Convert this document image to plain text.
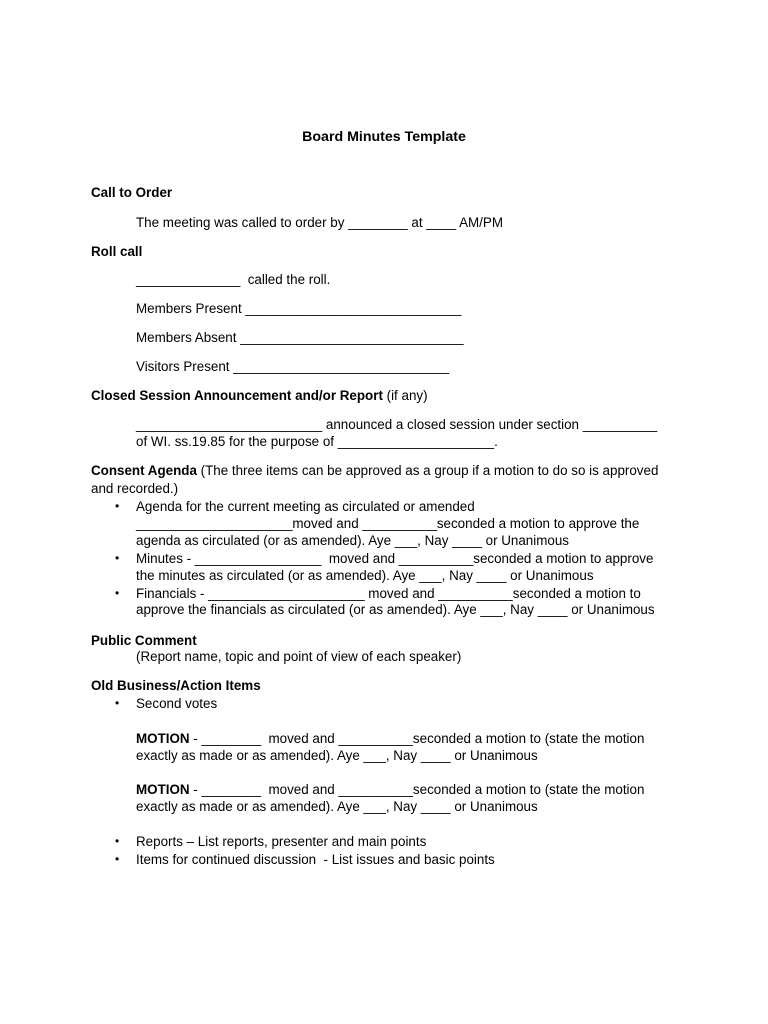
Board Minutes Template
Call to Order
The meeting was called to order by ________ at ____ AM/PM
Roll call
______________  called the roll.
Members Present _____________________________
Members Absent ______________________________
Visitors Present _____________________________
Closed Session Announcement and/or Report (if any)
_________________________ announced a closed session under section __________
of WI. ss.19.85 for the purpose of _____________________.
Consent Agenda (The three items can be approved as a group if a motion to do so is approved
and recorded.)
• Agenda for the current meeting as circulated or amended
_____________________moved and __________seconded a motion to approve the
agenda as circulated (or as amended). Aye ___, Nay ____ or Unanimous
• Minutes - _________________  moved and __________seconded a motion to approve
the minutes as circulated (or as amended). Aye ___, Nay ____ or Unanimous
• Financials - _____________________ moved and __________seconded a motion to
approve the financials as circulated (or as amended). Aye ___, Nay ____ or Unanimous
Public Comment
(Report name, topic and point of view of each speaker)
Old Business/Action Items
• Second votes
MOTION - ________  moved and __________seconded a motion to (state the motion
exactly as made or as amended). Aye ___, Nay ____ or Unanimous
MOTION - ________  moved and __________seconded a motion to (state the motion
exactly as made or as amended). Aye ___, Nay ____ or Unanimous
• Reports – List reports, presenter and main points
• Items for continued discussion  - List issues and basic points
